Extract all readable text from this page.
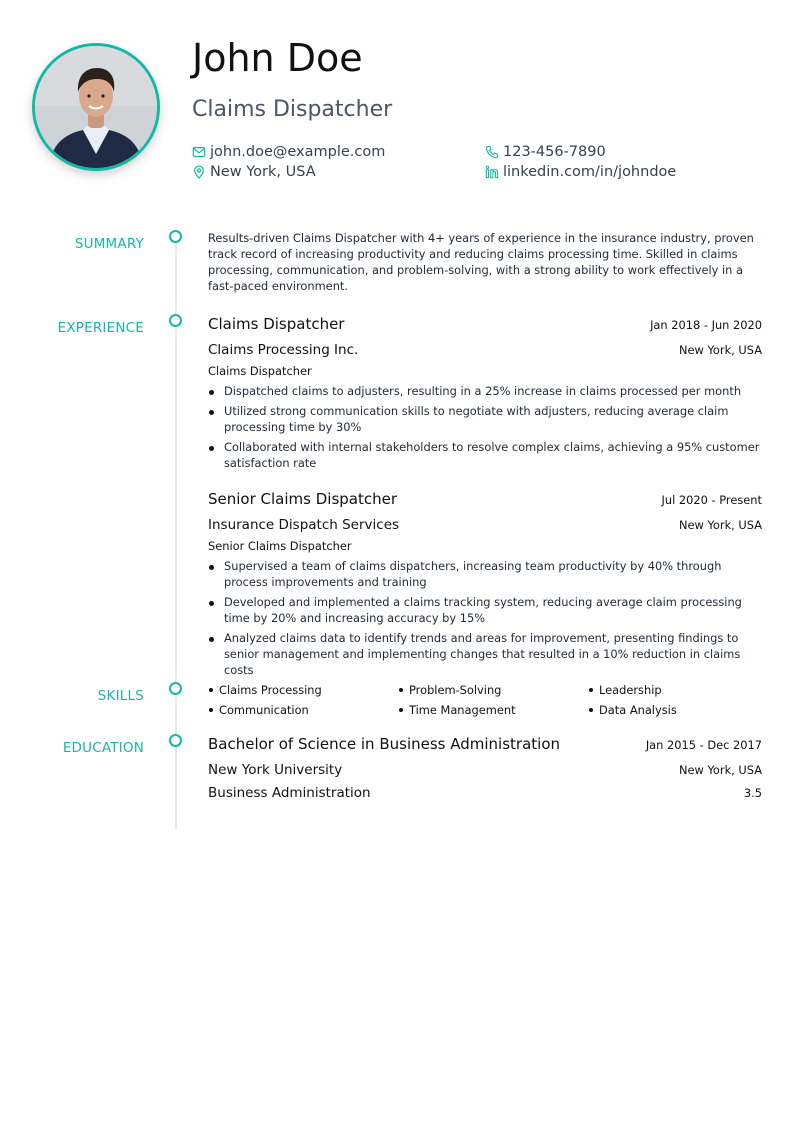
John Doe
Claims Dispatcher
john.doe@example.com
New York, USA
123-456-7890
linkedin.com/in/johndoe
SUMMARY
EXPERIENCE
SKILLS
EDUCATION
Results-driven Claims Dispatcher with 4+ years of experience in the insurance industry, proven track record of increasing productivity and reducing claims processing time. Skilled in claims processing, communication, and problem-solving, with a strong ability to work effectively in a fast-paced environment.
Claims Dispatcher	Jan 2018 - Jun 2020
Claims Processing Inc.	New York, USA
Claims Dispatcher
Dispatched claims to adjusters, resulting in a 25% increase in claims processed per month
Utilized strong communication skills to negotiate with adjusters, reducing average claim processing time by 30%
Collaborated with internal stakeholders to resolve complex claims, achieving a 95% customer satisfaction rate
Senior Claims Dispatcher	Jul 2020 - Present
Insurance Dispatch Services	New York, USA
Senior Claims Dispatcher
Supervised a team of claims dispatchers, increasing team productivity by 40% through process improvements and training
Developed and implemented a claims tracking system, reducing average claim processing time by 20% and increasing accuracy by 15%
Analyzed claims data to identify trends and areas for improvement, presenting findings to senior management and implementing changes that resulted in a 10% reduction in claims costs
Claims Processing	Problem-Solving	Leadership
Communication	Time Management	Data Analysis
Bachelor of Science in Business Administration	Jan 2015 - Dec 2017
New York University	New York, USA
Business Administration	3.5
